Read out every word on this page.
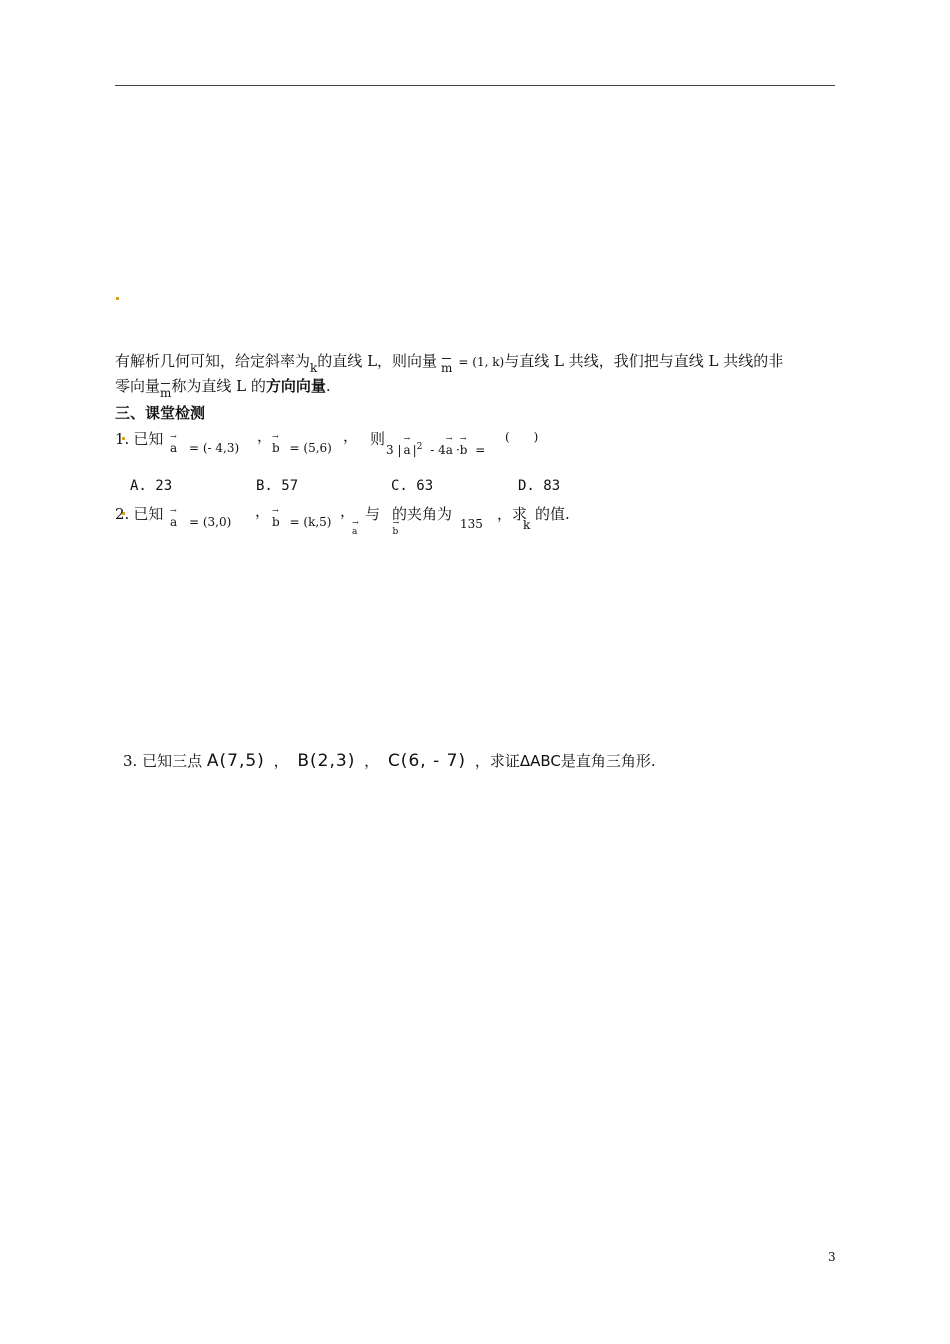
有解析几何可知，给定斜率为$_k$的直线 L，则向量 m = (1, k)与直线 L 共线，我们把与直线 L 共线的非
零向量m称为直线 L 的方向向量.
三、课堂检测
1. 已知 → a = (- 4,3)
，
→ b = (5,6)
， 则
3 | → a $|^2 - 4\to a \cdot\to b$ =
(　　)
A. 23	B. 57	C. 63	D. 83
2. 已知 → a = (3,0)
，
→ b = (k,5)
，
→ a
与
→ b
的夹角为
135
，求
k
的值.
3. 已知三点 A(7,5) ， B(2,3) ， C(6, - 7) ，求证ΔABC是直角三角形.
3
